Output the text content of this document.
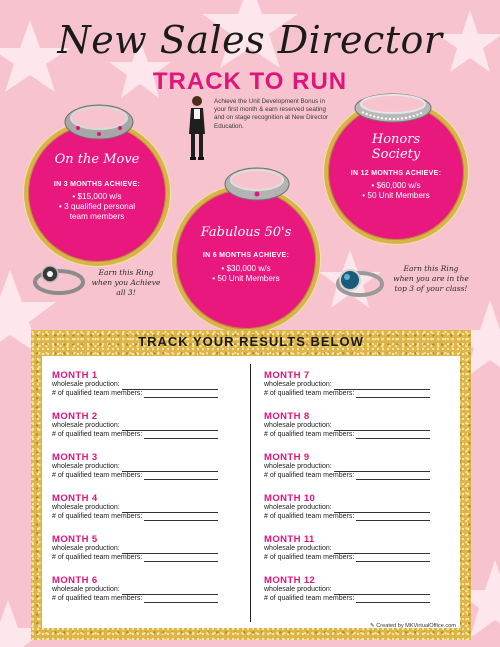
New Sales Director
TRACK TO RUN
Achieve the Unit Development Bonus in your first month & earn reserved seating and on stage recognition at New Director Education.
On the Move
IN 3 MONTHS ACHIEVE:
• $15,000 w/s
• 3 qualified personal
team members
Fabulous 50's
IN 6 MONTHS ACHIEVE:
• $30,000 w/s
• 50 Unit Members
Honors
Society
IN 12 MONTHS ACHIEVE:
• $60,000 w/s
• 50 Unit Members
Earn this Ring
when you Achieve
all 3!
Earn this Ring
when you are in the
top 3 of your class!
TRACK YOUR RESULTS BELOW
MONTH 1
wholesale production:
# of qualified team members:
MONTH 2
wholesale production:
# of qualified team members:
MONTH 3
wholesale production:
# of qualified team members:
MONTH 4
wholesale production:
# of qualified team members:
MONTH 5
wholesale production:
# of qualified team members:
MONTH 6
wholesale production:
# of qualified team members:
MONTH 7
wholesale production:
# of qualified team members:
MONTH 8
wholesale production:
# of qualified team members:
MONTH 9
wholesale production:
# of qualified team members:
MONTH 10
wholesale production:
# of qualified team members:
MONTH 11
wholesale production:
# of qualified team members:
MONTH 12
wholesale production:
# of qualified team members:
✎ Created by MKVirtualOffice.com
